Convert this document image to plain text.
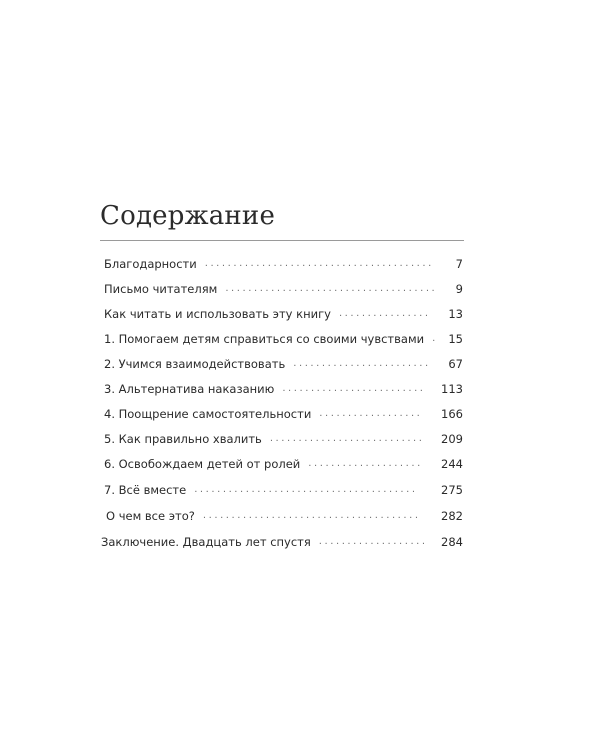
Содержание
Благодарности ........................................	7
Письмо читателям .....................................	9
Как читать и использовать эту книгу ................	13
1. Помогаем детям справиться со своими чувствами . 15
2. Учимся взаимодействовать ........................	67
3. Альтернатива наказанию .........................	113
4. Поощрение самостоятельности ..................	166
5. Как правильно хвалить ...........................	209
6. Освобождаем детей от ролей ....................	244
7. Всё вместе .......................................	275
О чем все это? ......................................	282
Заключение. Двадцать лет спустя ...................	284
